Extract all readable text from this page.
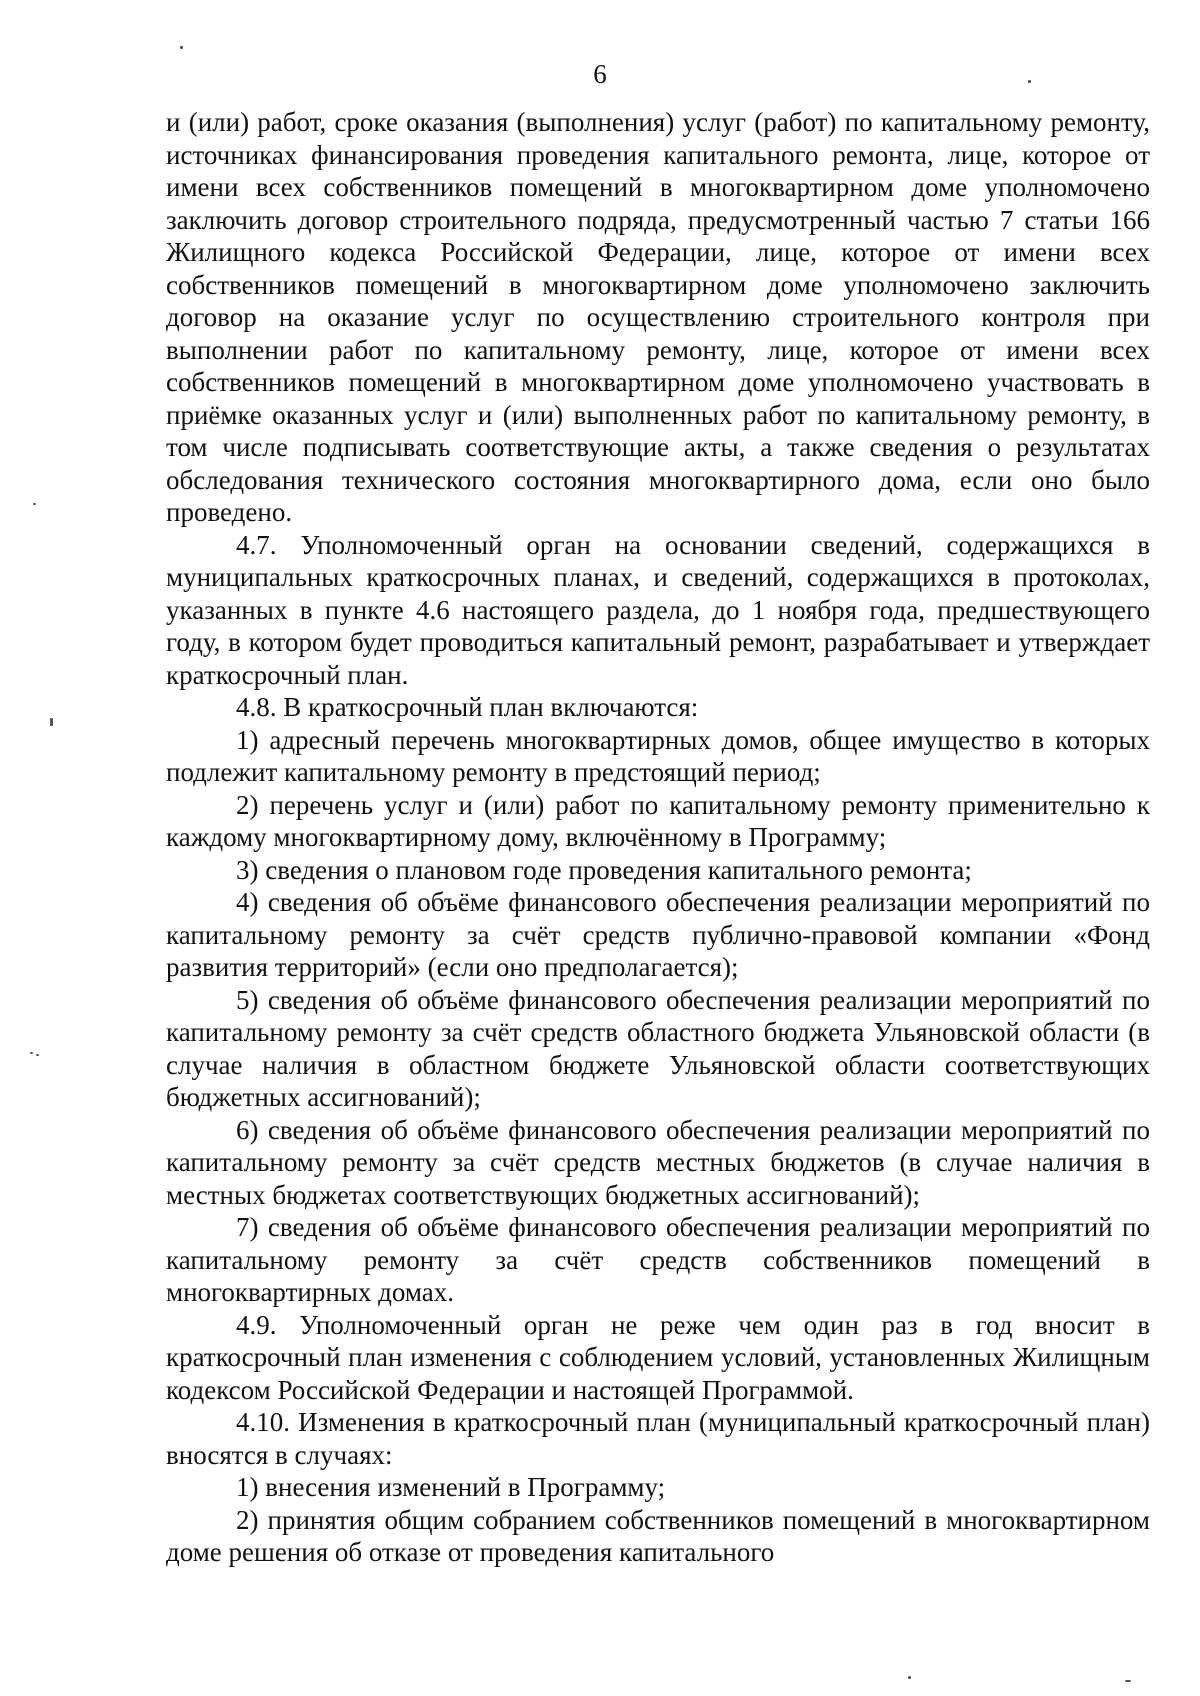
6

и (или) работ, сроке оказания (выполнения) услуг (работ) по капитальному ремонту, источниках финансирования проведения капитального ремонта, лице, которое от имени всех собственников помещений в многоквартирном доме уполномочено заключить договор строительного подряда, предусмотренный частью 7 статьи 166 Жилищного кодекса Российской Федерации, лице, которое от имени всех собственников помещений в многоквартирном доме уполномочено заключить договор на оказание услуг по осуществлению строительного контроля при выполнении работ по капитальному ремонту, лице, которое от имени всех собственников помещений в многоквартирном доме уполномочено участвовать в приёмке оказанных услуг и (или) выполненных работ по капитальному ремонту, в том числе подписывать соответствующие акты, а также сведения о результатах обследования технического состояния многоквартирного дома, если оно было проведено.

4.7. Уполномоченный орган на основании сведений, содержащихся в муниципальных краткосрочных планах, и сведений, содержащихся в протоколах, указанных в пункте 4.6 настоящего раздела, до 1 ноября года, предшествующего году, в котором будет проводиться капитальный ремонт, разрабатывает и утверждает краткосрочный план.

4.8. В краткосрочный план включаются:

1) адресный перечень многоквартирных домов, общее имущество в которых подлежит капитальному ремонту в предстоящий период;

2) перечень услуг и (или) работ по капитальному ремонту применительно к каждому многоквартирному дому, включённому в Программу;

3) сведения о плановом годе проведения капитального ремонта;

4) сведения об объёме финансового обеспечения реализации мероприятий по капитальному ремонту за счёт средств публично-правовой компании «Фонд развития территорий» (если оно предполагается);

5) сведения об объёме финансового обеспечения реализации мероприятий по капитальному ремонту за счёт средств областного бюджета Ульяновской области (в случае наличия в областном бюджете Ульяновской области соответствующих бюджетных ассигнований);

6) сведения об объёме финансового обеспечения реализации мероприятий по капитальному ремонту за счёт средств местных бюджетов (в случае наличия в местных бюджетах соответствующих бюджетных ассигнований);

7) сведения об объёме финансового обеспечения реализации мероприятий по капитальному ремонту за счёт средств собственников помещений в многоквартирных домах.

4.9. Уполномоченный орган не реже чем один раз в год вносит в краткосрочный план изменения с соблюдением условий, установленных Жилищным кодексом Российской Федерации и настоящей Программой.

4.10. Изменения в краткосрочный план (муниципальный краткосрочный план) вносятся в случаях:

1) внесения изменений в Программу;

2) принятия общим собранием собственников помещений в многоквартирном доме решения об отказе от проведения капитального
